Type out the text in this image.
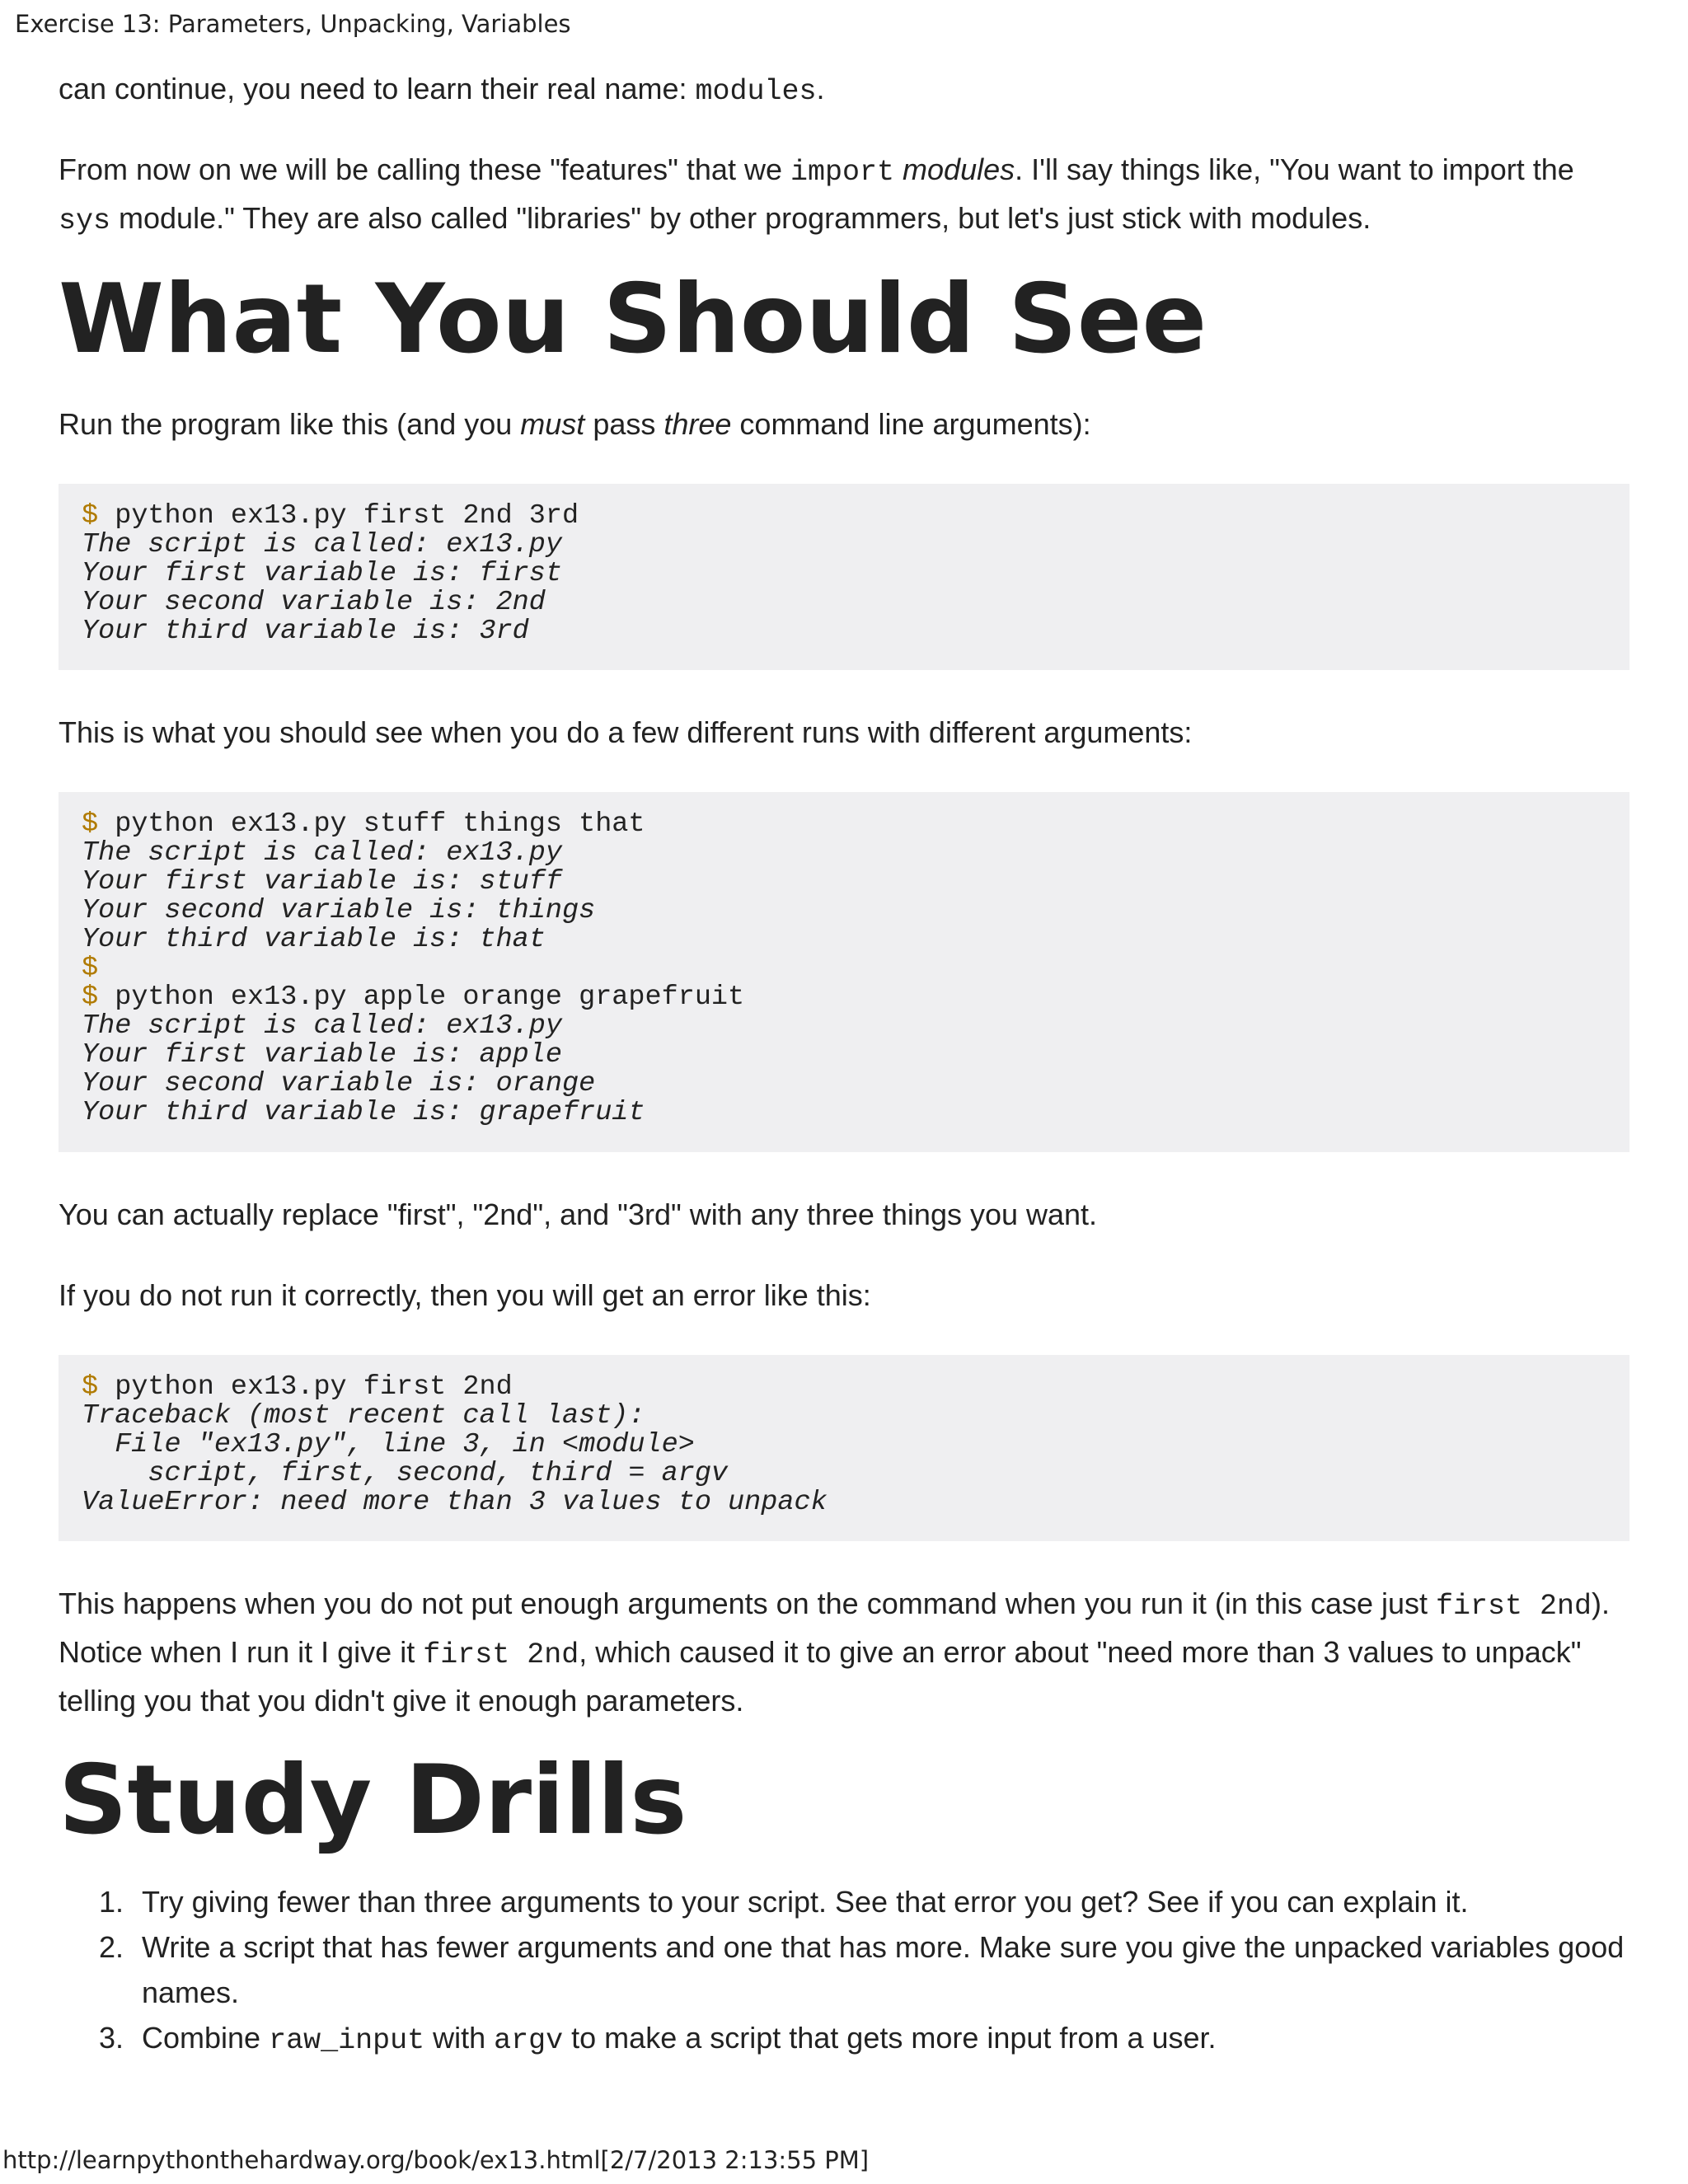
Exercise 13: Parameters, Unpacking, Variables
can continue, you need to learn their real name: modules.
From now on we will be calling these "features" that we import modules. I'll say things like, "You want to import the sys module." They are also called "libraries" by other programmers, but let's just stick with modules.
What You Should See
Run the program like this (and you must pass three command line arguments):
$ python ex13.py first 2nd 3rd
The script is called: ex13.py
Your first variable is: first
Your second variable is: 2nd
Your third variable is: 3rd
This is what you should see when you do a few different runs with different arguments:
$ python ex13.py stuff things that
The script is called: ex13.py
Your first variable is: stuff
Your second variable is: things
Your third variable is: that
$
$ python ex13.py apple orange grapefruit
The script is called: ex13.py
Your first variable is: apple
Your second variable is: orange
Your third variable is: grapefruit
You can actually replace "first", "2nd", and "3rd" with any three things you want.
If you do not run it correctly, then you will get an error like this:
$ python ex13.py first 2nd
Traceback (most recent call last):
File "ex13.py", line 3, in <module>
script, first, second, third = argv
ValueError: need more than 3 values to unpack
This happens when you do not put enough arguments on the command when you run it (in this case just first 2nd). Notice when I run it I give it first 2nd, which caused it to give an error about "need more than 3 values to unpack" telling you that you didn't give it enough parameters.
Study Drills
1. Try giving fewer than three arguments to your script. See that error you get? See if you can explain it.
2. Write a script that has fewer arguments and one that has more. Make sure you give the unpacked variables good names.
3. Combine raw_input with argv to make a script that gets more input from a user.
http://learnpythonthehardway.org/book/ex13.html[2/7/2013 2:13:55 PM]
